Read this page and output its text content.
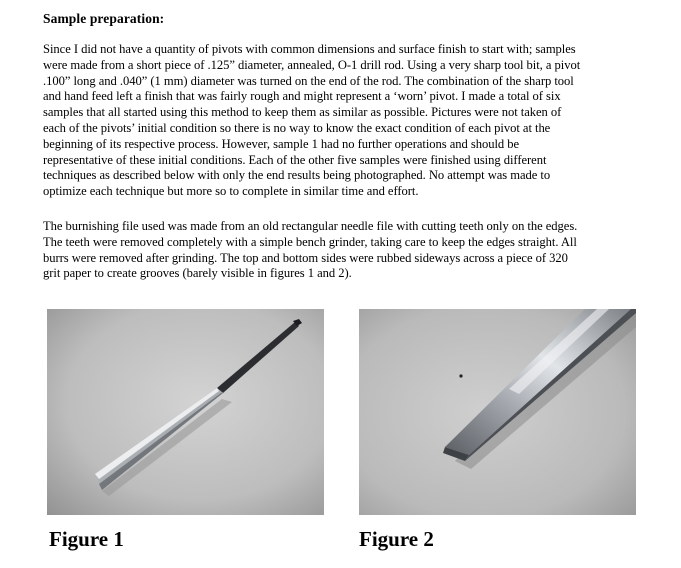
Sample preparation:
Since I did not have a quantity of pivots with common dimensions and surface finish to start with; samples
were made from a short piece of .125” diameter, annealed, O-1 drill rod. Using a very sharp tool bit, a pivot
.100” long and .040” (1 mm) diameter was turned on the end of the rod. The combination of the sharp tool
and hand feed left a finish that was fairly rough and might represent a ‘worn’ pivot. I made a total of six
samples that all started using this method to keep them as similar as possible. Pictures were not taken of
each of the pivots’ initial condition so there is no way to know the exact condition of each pivot at the
beginning of its respective process. However, sample 1 had no further operations and should be
representative of these initial conditions. Each of the other five samples were finished using different
techniques as described below with only the end results being photographed. No attempt was made to
optimize each technique but more so to complete in similar time and effort.
The burnishing file used was made from an old rectangular needle file with cutting teeth only on the edges.
The teeth were removed completely with a simple bench grinder, taking care to keep the edges straight. All
burrs were removed after grinding. The top and bottom sides were rubbed sideways across a piece of 320
grit paper to create grooves (barely visible in figures 1 and 2).
Figure 1	Figure 2
